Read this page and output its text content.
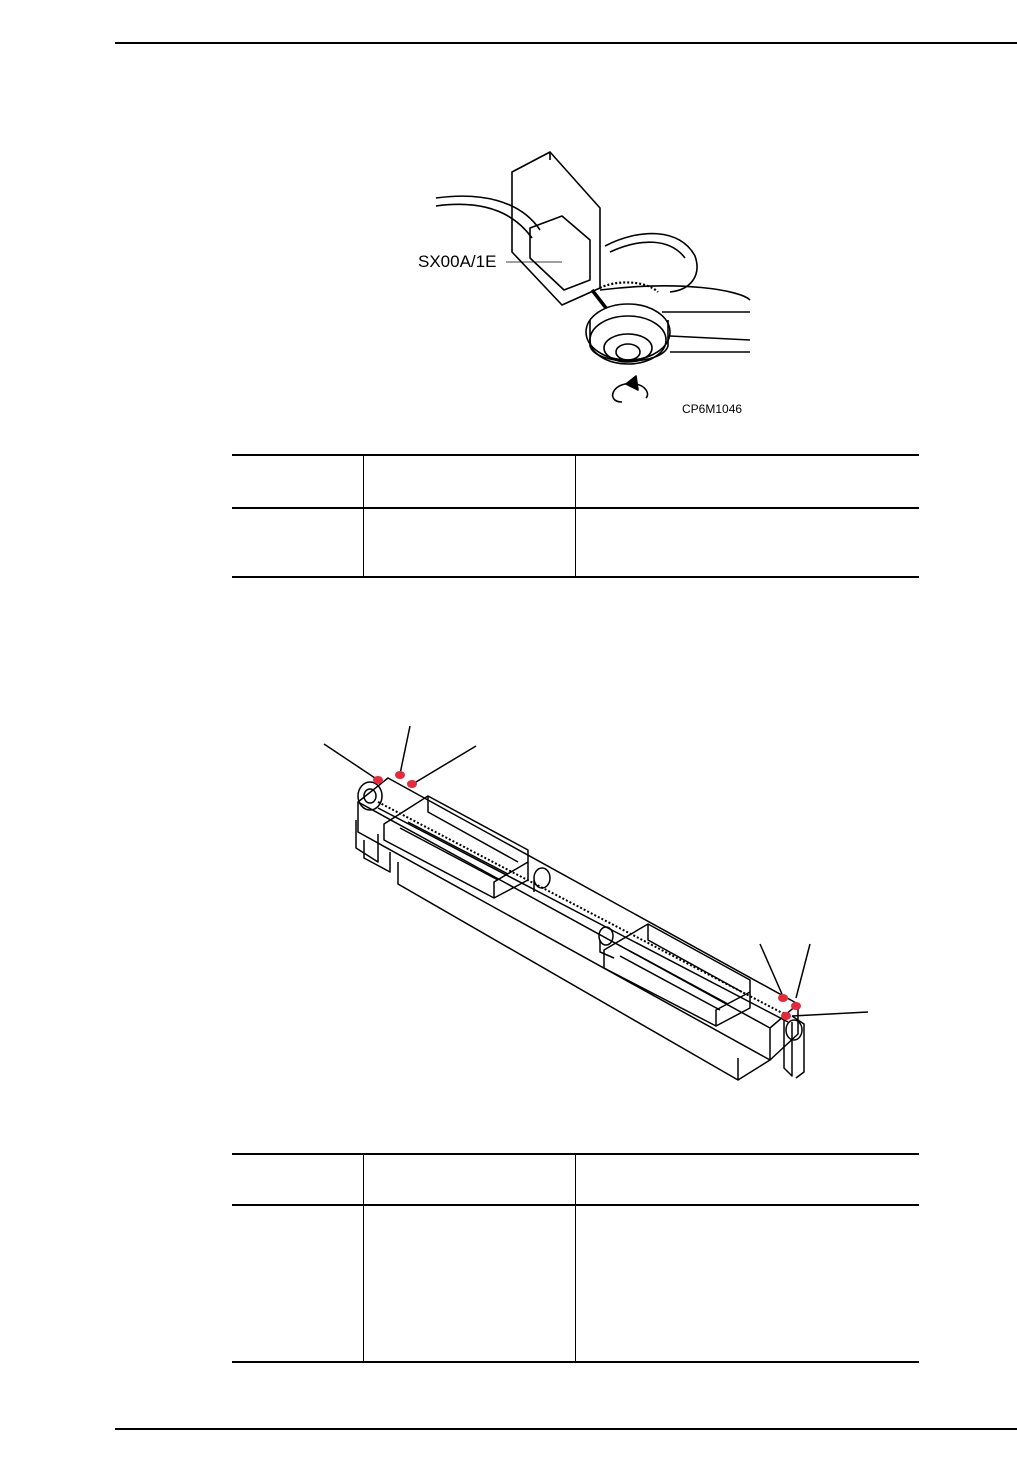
SX00A/1E
CP6M1046
